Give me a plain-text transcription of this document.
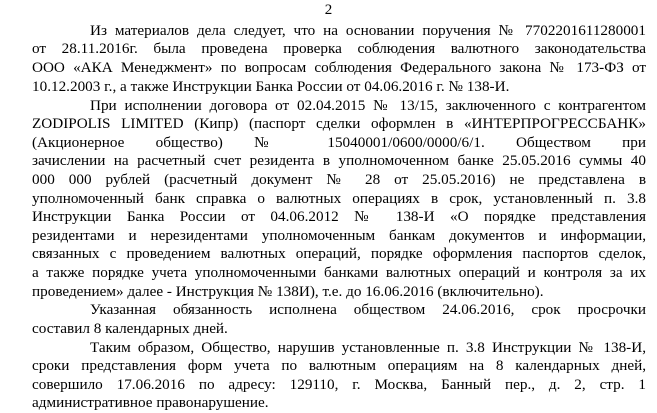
2
Из материалов дела следует, что на основании поручения № 7702201611280001
от 28.11.2016г. была проведена проверка соблюдения валютного законодательства
ООО «АКА Менеджмент» по вопросам соблюдения Федерального закона № 173-ФЗ от
10.12.2003 г., а также Инструкции Банка России от 04.06.2016 г. № 138-И.
При исполнении договора от 02.04.2015 № 13/15, заключенного с контрагентом
ZODIPOLIS LIMITED (Кипр) (паспорт сделки оформлен в «ИНТЕРПРОГРЕССБАНК»
(Акционерное общество) № 15040001/0600/0000/6/1. Обществом при
зачислении на расчетный счет резидента в уполномоченном банке 25.05.2016 суммы 40
000 000 рублей (расчетный документ № 28 от 25.05.2016) не представлена в
уполномоченный банк справка о валютных операциях в срок, установленный п. 3.8
Инструкции Банка России от 04.06.2012 № 138-И «О порядке представления
резидентами и нерезидентами уполномоченным банкам документов и информации,
связанных с проведением валютных операций, порядке оформления паспортов сделок,
а также порядке учета уполномоченными банками валютных операций и контроля за их
проведением» далее - Инструкция № 138И), т.е. до 16.06.2016 (включительно).
Указанная обязанность исполнена обществом 24.06.2016, срок просрочки
составил 8 календарных дней.
Таким образом, Общество, нарушив установленные п. 3.8 Инструкции № 138-И,
сроки представления форм учета по валютным операциям на 8 календарных дней,
совершило 17.06.2016 по адресу: 129110, г. Москва, Банный пер., д. 2, стр. 1
административное правонарушение.
